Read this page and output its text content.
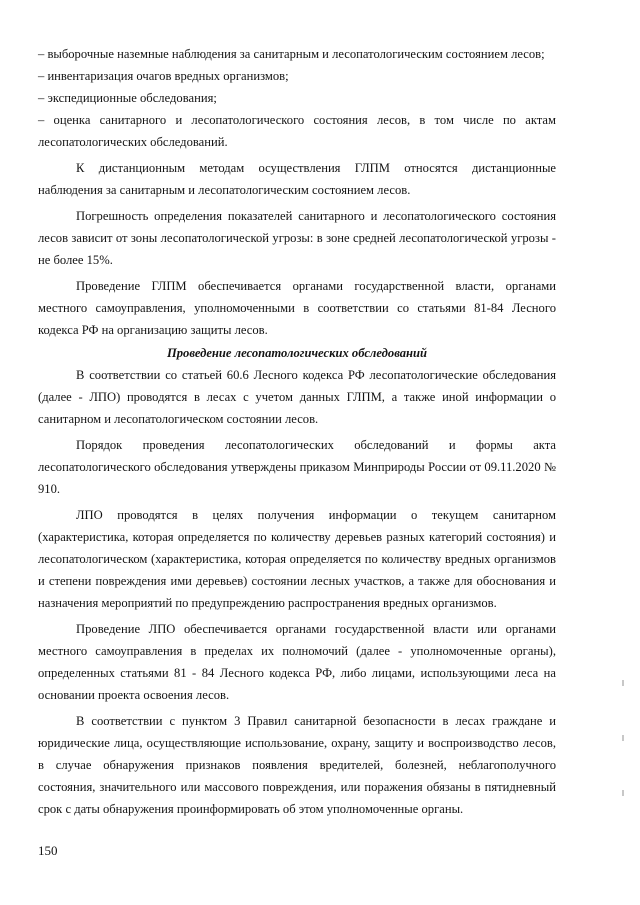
– выборочные наземные наблюдения за санитарным и лесопатологическим состоянием лесов;

– инвентаризация очагов вредных организмов;

– экспедиционные обследования;

– оценка санитарного и лесопатологического состояния лесов, в том числе по актам лесопатологических обследований.

К дистанционным методам осуществления ГЛПМ относятся дистанционные наблюдения за санитарным и лесопатологическим состоянием лесов.

Погрешность определения показателей санитарного и лесопатологического состояния лесов зависит от зоны лесопатологической угрозы: в зоне средней лесопатологической угрозы - не более 15%.

Проведение ГЛПМ обеспечивается органами государственной власти, органами местного самоуправления, уполномоченными в соответствии со статьями 81-84 Лесного кодекса РФ на организацию защиты лесов.

Проведение лесопатологических обследований

В соответствии со статьей 60.6 Лесного кодекса РФ лесопатологические обследования (далее - ЛПО) проводятся в лесах с учетом данных ГЛПМ, а также иной информации о санитарном и лесопатологическом состоянии лесов.

Порядок проведения лесопатологических обследований и формы акта лесопатологического обследования утверждены приказом Минприроды России от 09.11.2020 № 910.

ЛПО проводятся в целях получения информации о текущем санитарном (характеристика, которая определяется по количеству деревьев разных категорий состояния) и лесопатологическом (характеристика, которая определяется по количеству вредных организмов и степени повреждения ими деревьев) состоянии лесных участков, а также для обоснования и назначения мероприятий по предупреждению распространения вредных организмов.

Проведение ЛПО обеспечивается органами государственной власти или органами местного самоуправления в пределах их полномочий (далее - уполномоченные органы), определенных статьями 81 - 84 Лесного кодекса РФ, либо лицами, использующими леса на основании проекта освоения лесов.

В соответствии с пунктом 3 Правил санитарной безопасности в лесах граждане и юридические лица, осуществляющие использование, охрану, защиту и воспроизводство лесов, в случае обнаружения признаков появления вредителей, болезней, неблагополучного состояния, значительного или массового повреждения, или поражения обязаны в пятидневный срок с даты обнаружения проинформировать об этом уполномоченные органы.

150
